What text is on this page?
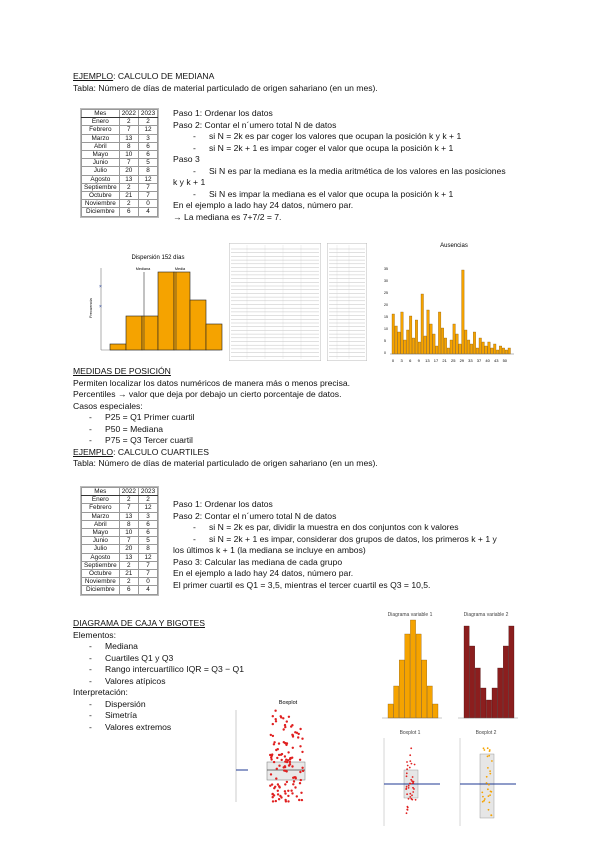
EJEMPLO: CALCULO DE MEDIANA
Tabla: Número de días de material particulado de origen sahariano (en un mes).
Mes	2022	2023
Enero	2	2
Febrero	7	12
Marzo	13	3
Abril	8	6
Mayo	10	6
Junio	7	5
Julio	20	8
Agosto	13	12
Septiembre	2	7
Octubre	21	7
Noviembre	2	0
Diciembre	6	4
Paso 1: Ordenar los datos
Paso 2: Contar el n´umero total N de datos
- si N = 2k es par coger los valores que ocupan la posición k y k + 1
- si N = 2k + 1 es impar coger el valor que ocupa la posición k + 1
Paso 3
- Si N es par la mediana es la media aritmética de los valores en las posiciones
k y k + 1
- Si N es impar la mediana es el valor que ocupa la posición k + 1
En el ejemplo a lado hay 24 datos, número par.
→ La mediana es 7+7/2 = 7.
Dispersión 152 días
Mediana	Media
Frecuencia
×
×
Ausencias
0 3 6 9 13 17 21 25 29 33 37 40 43 50
0
5
10
15
20
25
30
35
MEDIDAS DE POSICIÓN
Permiten localizar los datos numéricos de manera más o menos precisa.
Percentiles → valor que deja por debajo un cierto porcentaje de datos.
Casos especiales:
- P25 = Q1 Primer cuartil
- P50 = Mediana
- P75 = Q3 Tercer cuartil
EJEMPLO: CALCULO CUARTILES
Tabla: Número de días de material particulado de origen sahariano (en un mes).
Mes	2022	2023
Enero	2	2
Febrero	7	12
Marzo	13	3
Abril	8	6
Mayo	10	6
Junio	7	5
Julio	20	8
Agosto	13	12
Septiembre	2	7
Octubre	21	7
Noviembre	2	0
Diciembre	6	4
Paso 1: Ordenar los datos
Paso 2: Contar el n´umero total N de datos
- si N = 2k es par, dividir la muestra en dos conjuntos con k valores
- si N = 2k + 1 es impar, considerar dos grupos de datos, los primeros k + 1 y
los últimos k + 1 (la mediana se incluye en ambos)
Paso 3: Calcular las mediana de cada grupo
En el ejemplo a lado hay 24 datos, número par.
El primer cuartil es Q1 = 3,5, mientras el tercer cuartil es Q3 = 10,5.
DIAGRAMA DE CAJA Y BIGOTES
Elementos:
- Mediana
- Cuartiles Q1 y Q3
- Rango intercuartílico IQR = Q3 − Q1
- Valores atípicos
Interpretación:
- Dispersión
- Simetría
- Valores extremos
Boxplot
Diagrama variable 1	Diagrama variable 2
Boxplot 1	Boxplot 2
